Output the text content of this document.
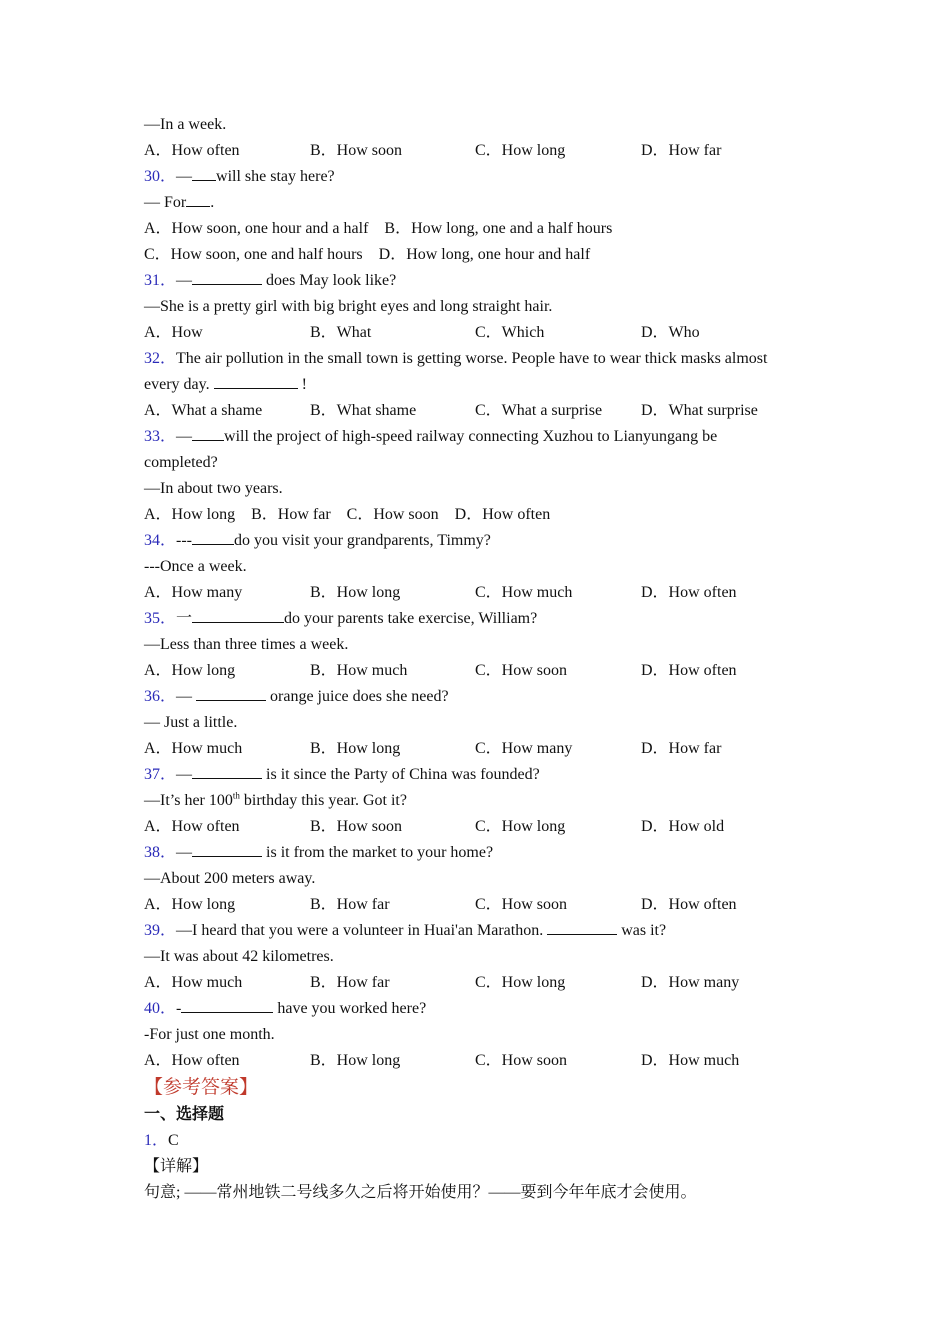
—In a week.
A．How often	B．How soon	C．How long	D．How far
30．— will she stay here?
— For .
A．How soon, one hour and a half    B．How long, one and a half hours
C．How soon, one and half hours    D．How long, one hour and half
31．—	does May look like?
—She is a pretty girl with big bright eyes and long straight hair.
A．How	B．What	C．Which	D．Who
32．The air pollution in the small town is getting worse. People have to wear thick masks almost
every day.	!
A．What a shame	B．What shame	C．What a surprise D．What surprise
33．— will the project of high-speed railway connecting Xuzhou to Lianyungang be
completed?
—In about two years.
A．How long    B．How far    C．How soon    D．How often
34．---	do you visit your grandparents, Timmy?
---Once a week.
A．How many	B．How long	C．How much	D．How often
35．一	do your parents take exercise, William?
—Less than three times a week.
A．How long	B．How much	C．How soon	D．How often
36．—	orange juice does she need?
— Just a little.
A．How much	B．How long	C．How many	D．How far
37．—	is it since the Party of China was founded?
—It’s her 100th birthday this year. Got it?
A．How often	B．How soon	C．How long	D．How old
38．—	is it from the market to your home?
—About 200 meters away.
A．How long	B．How far	C．How soon	D．How often
39．—I heard that you were a volunteer in Huai'an Marathon.	was it?
—It was about 42 kilometres.
A．How much	B．How far	C．How long	D．How many
40．-	have you worked here?
-For just one month.
A．How often	B．How long	C．How soon	D．How much
【参考答案】
一、选择题
1．C
【详解】
句意; ——常州地铁二号线多久之后将开始使用？——要到今年年底才会使用。
